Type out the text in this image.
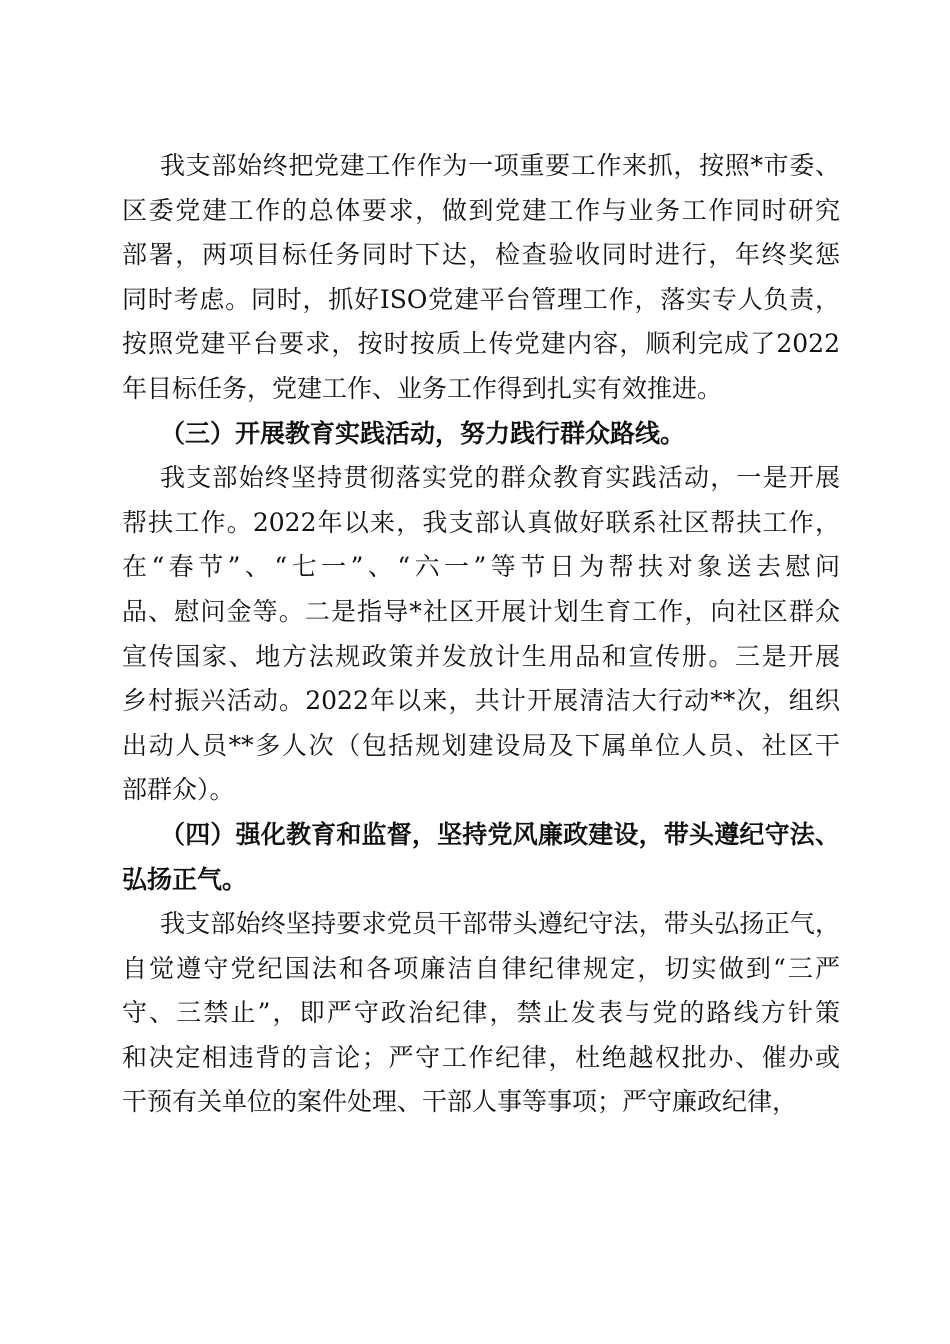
我支部始终把党建工作作为一项重要工作来抓，按照*市委、
区委党建工作的总体要求，做到党建工作与业务工作同时研究
部署，两项目标任务同时下达，检查验收同时进行，年终奖惩
同时考虑。同时，抓好ISO党建平台管理工作，落实专人负责，
按照党建平台要求，按时按质上传党建内容，顺利完成了2022
年目标任务，党建工作、业务工作得到扎实有效推进。
（三）开展教育实践活动，努力践行群众路线。
我支部始终坚持贯彻落实党的群众教育实践活动，一是开展
帮扶工作。2022年以来，我支部认真做好联系社区帮扶工作，
在“春节”、“七一”、“六一”等节日为帮扶对象送去慰问
品、慰问金等。二是指导*社区开展计划生育工作，向社区群众
宣传国家、地方法规政策并发放计生用品和宣传册。三是开展
乡村振兴活动。2022年以来，共计开展清洁大行动**次，组织
出动人员**多人次（包括规划建设局及下属单位人员、社区干
部群众）。
（四）强化教育和监督，坚持党风廉政建设，带头遵纪守法、
弘扬正气。
我支部始终坚持要求党员干部带头遵纪守法，带头弘扬正气，
自觉遵守党纪国法和各项廉洁自律纪律规定，切实做到“三严
守、三禁止”，即严守政治纪律，禁止发表与党的路线方针策
和决定相违背的言论；严守工作纪律，杜绝越权批办、催办或
干预有关单位的案件处理、干部人事等事项；严守廉政纪律，
